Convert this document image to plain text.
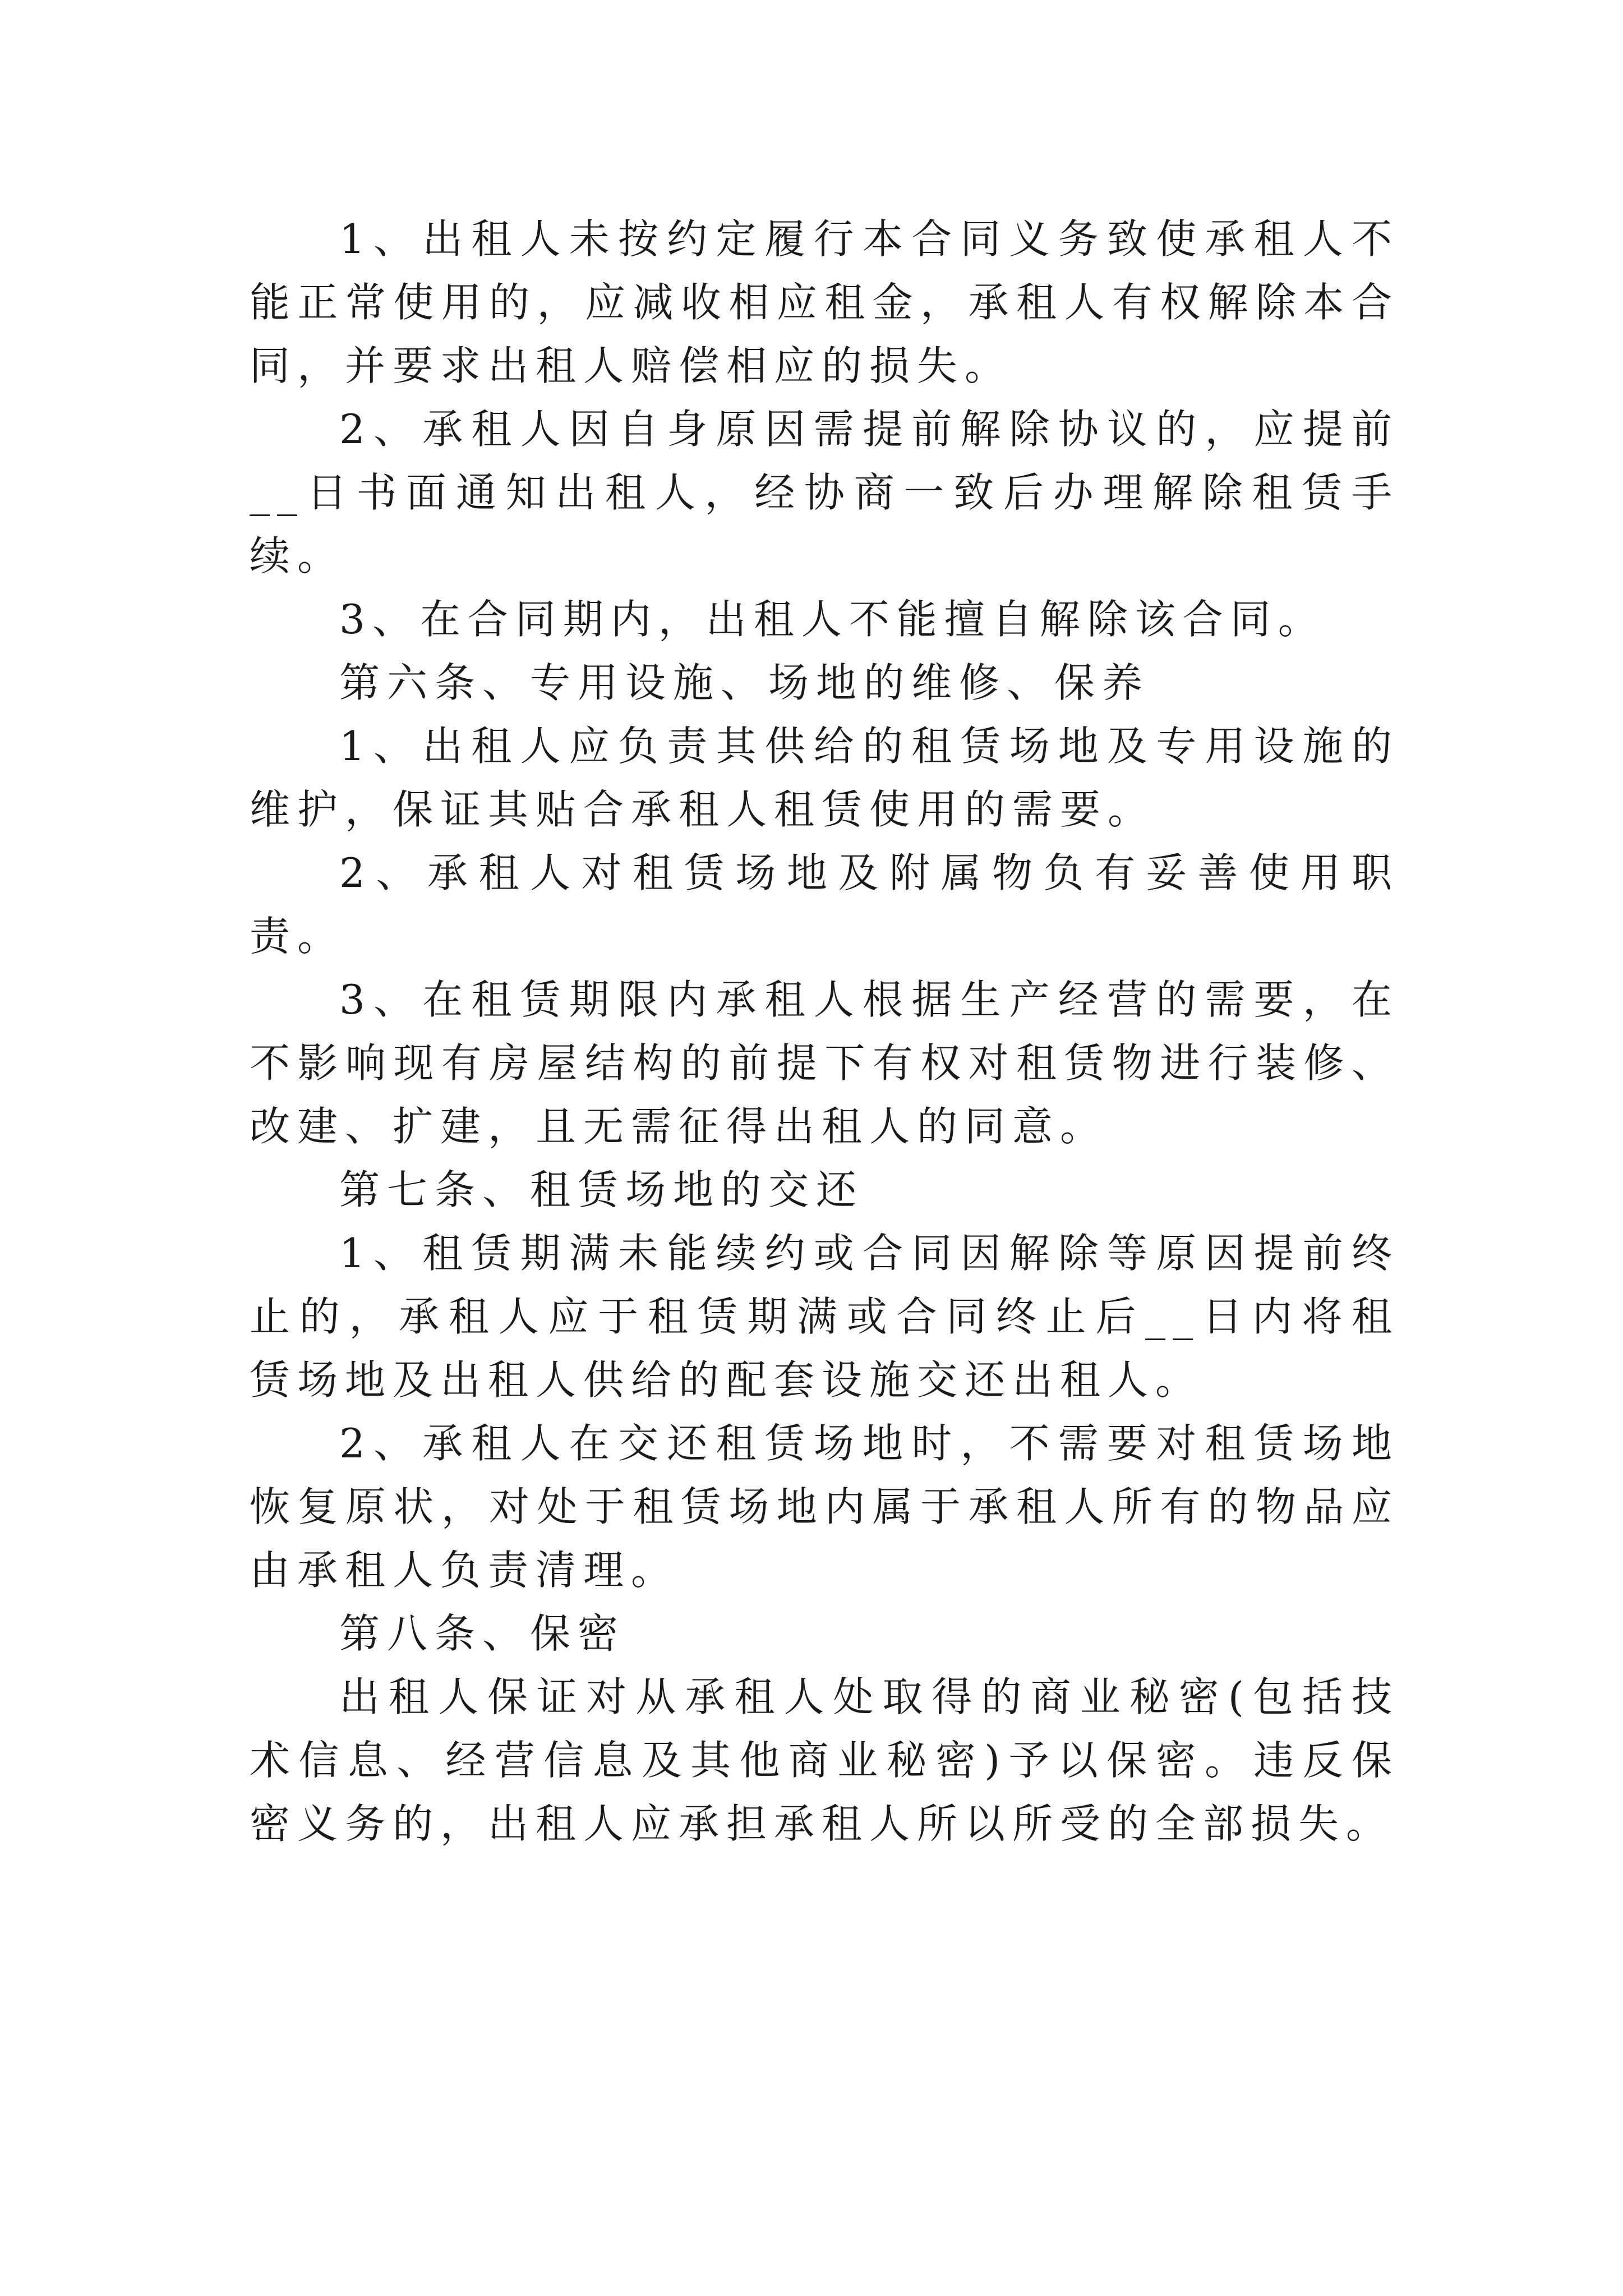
1、出租人未按约定履行本合同义务致使承租人不能正常使用的，应减收相应租金，承租人有权解除本合同，并要求出租人赔偿相应的损失。

2、承租人因自身原因需提前解除协议的，应提前__日书面通知出租人，经协商一致后办理解除租赁手续。

3、在合同期内，出租人不能擅自解除该合同。

第六条、专用设施、场地的维修、保养

1、出租人应负责其供给的租赁场地及专用设施的维护，保证其贴合承租人租赁使用的需要。

2、承租人对租赁场地及附属物负有妥善使用职责。

3、在租赁期限内承租人根据生产经营的需要，在不影响现有房屋结构的前提下有权对租赁物进行装修、改建、扩建，且无需征得出租人的同意。

第七条、租赁场地的交还

1、租赁期满未能续约或合同因解除等原因提前终止的，承租人应于租赁期满或合同终止后__日内将租赁场地及出租人供给的配套设施交还出租人。

2、承租人在交还租赁场地时，不需要对租赁场地恢复原状，对处于租赁场地内属于承租人所有的物品应由承租人负责清理。

第八条、保密

出租人保证对从承租人处取得的商业秘密(包括技术信息、经营信息及其他商业秘密)予以保密。违反保密义务的，出租人应承担承租人所以所受的全部损失。
